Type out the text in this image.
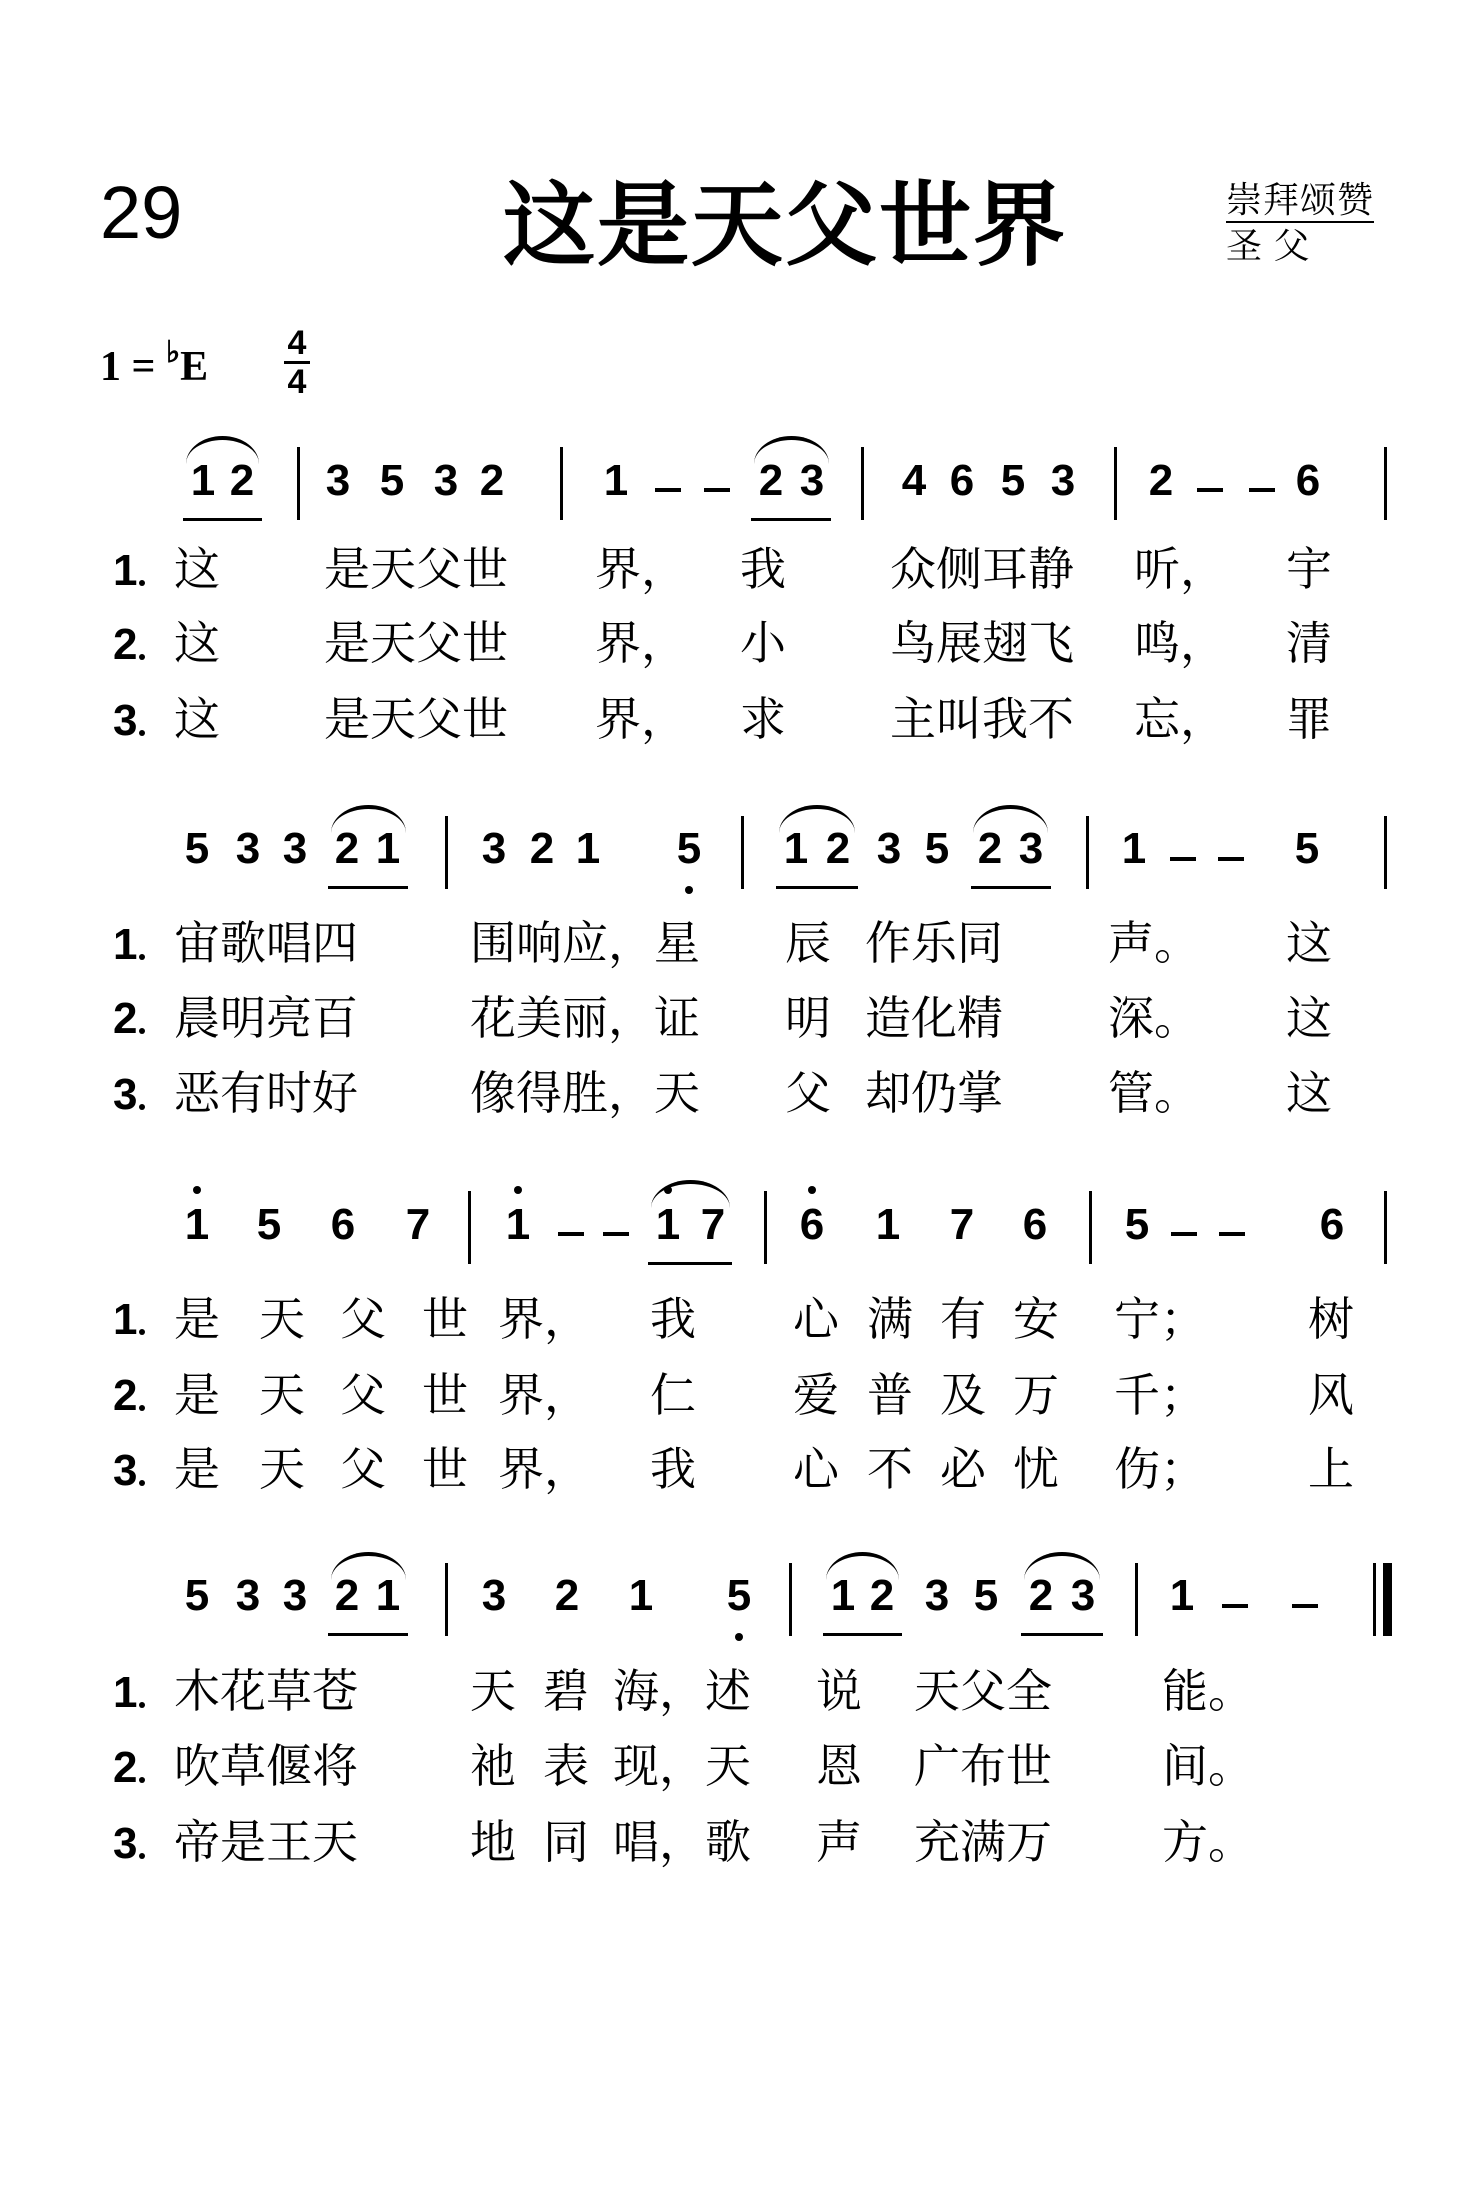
29	这是天父世界	崇拜颂赞
圣 父
1 = ♭E
4
4
1 2 3 5 3 2 1	2 3 4 6 5 3 2	6
1 这 是天父世 界， 我 众侧耳静 听， 宇
2 这 是天父世 界， 小 鸟展翅飞 鸣， 清
3 这 是天父世 界， 求 主叫我不 忘， 罪
5 3 3 2 1 3 2 1 5 1 2 3 5 2 3 1	5
1 宙歌唱四 围响应，星 辰 作乐同 声。 这
2 晨明亮百 花美丽，证 明 造化精 深。 这
3 恶有时好 像得胜，天 父 却仍掌 管。 这
1 5 6 7 1	1 7 6 1 7 6 5	6
1 是 天 父 世 界， 我 心 满 有 安 宁； 树
2 是 天 父 世 界， 仁 爱 普 及 万 千； 风
3 是 天 父 世 界， 我 心 不 必 忧 伤； 上
5 3 3 2 1 3 2 1 5 1 2 3 5 2 3 1
1 木花草苍 天 碧 海，述 说 天父全 能。
2 吹草偃将 祂 表 现，天 恩 广布世 间。
3 帝是王天 地 同 唱，歌 声 充满万 方。
